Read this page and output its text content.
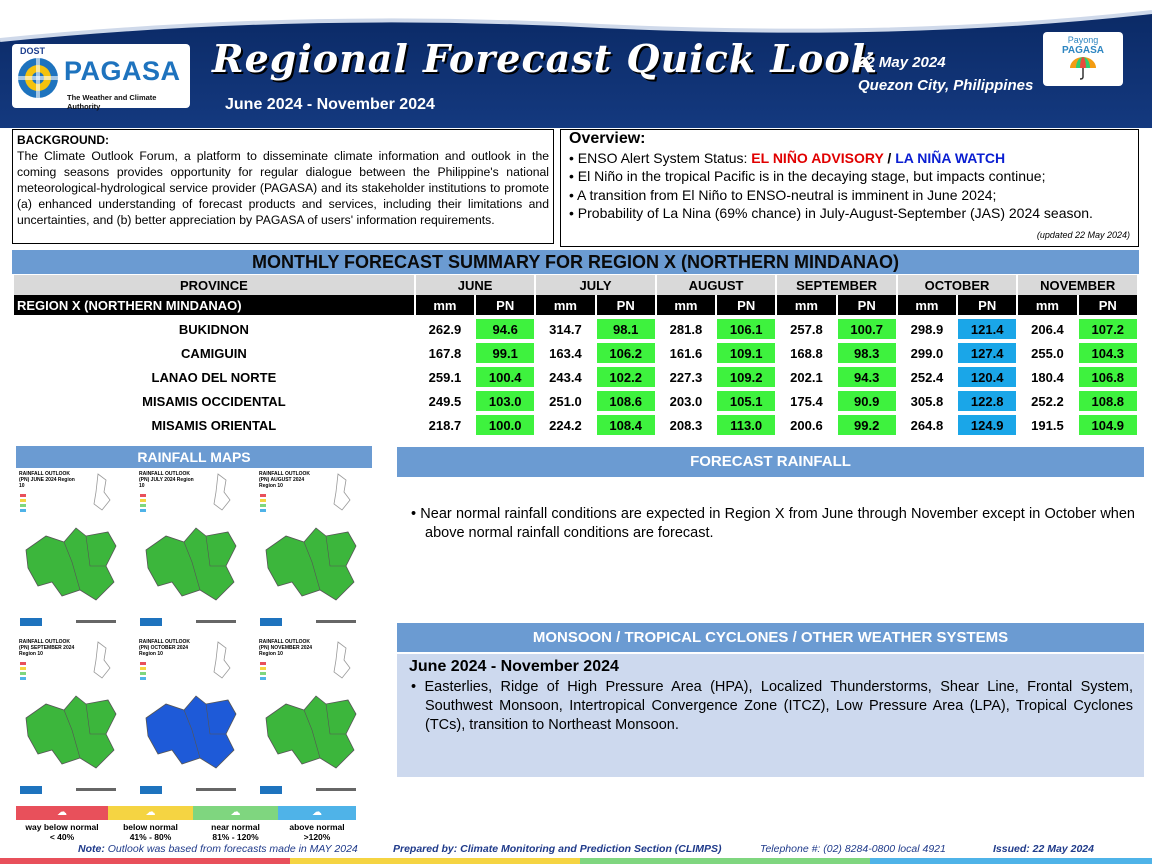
DOST
PAGASA
The Weather and Climate Authority
Regional Forecast Quick Look
June 2024 - November 2024
22 May 2024
Quezon City, Philippines
Payong
PAGASA
BACKGROUND:
The Climate Outlook Forum, a platform to disseminate climate information and outlook in the coming seasons provides opportunity for regular dialogue between the Philippine's national meteorological-hydrological service provider (PAGASA) and its stakeholder institutions to promote (a) enhanced understanding of forecast products and services, including their limitations and uncertainties, and (b) better appreciation by PAGASA of users' information requirements.
Overview:
• ENSO Alert System Status: EL NIÑO ADVISORY / LA NIÑA WATCH
• El Niño in the tropical Pacific is in the decaying stage, but impacts continue;
• A transition from El Niño to ENSO-neutral is imminent in June 2024;
• Probability of La Nina (69% chance) in July-August-September (JAS) 2024 season.
(updated 22 May 2024)
MONTHLY FORECAST SUMMARY FOR REGION X (NORTHERN MINDANAO)
PROVINCE	JUNE		JULY		AUGUST		SEPTEMBER		OCTOBER		NOVEMBER	
REGION X (NORTHERN MINDANAO)	mm	PN	mm	PN	mm	PN	mm	PN	mm	PN	mm	PN

BUKIDNON	262.9	94.6	314.7	98.1	281.8	106.1	257.8	100.7	298.9	121.4	206.4	107.2

CAMIGUIN	167.8	99.1	163.4	106.2	161.6	109.1	168.8	98.3	299.0	127.4	255.0	104.3

LANAO DEL NORTE	259.1	100.4	243.4	102.2	227.3	109.2	202.1	94.3	252.4	120.4	180.4	106.8

MISAMIS OCCIDENTAL	249.5	103.0	251.0	108.6	203.0	105.1	175.4	90.9	305.8	122.8	252.2	108.8

MISAMIS ORIENTAL	218.7	100.0	224.2	108.4	208.3	113.0	200.6	99.2	264.8	124.9	191.5	104.9
RAINFALL MAPS
RAINFALL OUTLOOK (PN) JUNE 2024 Region 10
RAINFALL OUTLOOK (PN) JULY 2024 Region 10
RAINFALL OUTLOOK (PN) AUGUST 2024 Region 10
RAINFALL OUTLOOK (PN) SEPTEMBER 2024 Region 10
RAINFALL OUTLOOK (PN) OCTOBER 2024 Region 10
RAINFALL OUTLOOK (PN) NOVEMBER 2024 Region 10
☁
way below normal
< 40%
☁
below normal
41% - 80%
☁
near normal
81% - 120%
☁
above normal
>120%
FORECAST RAINFALL
• Near normal rainfall conditions are expected in Region X from June through November except in October when above normal rainfall conditions are forecast.
MONSOON / TROPICAL CYCLONES / OTHER WEATHER SYSTEMS
June 2024 - November 2024
• Easterlies, Ridge of High Pressure Area (HPA), Localized Thunderstorms, Shear Line, Frontal System, Southwest Monsoon, Intertropical Convergence Zone (ITCZ), Low Pressure Area (LPA), Tropical Cyclones (TCs), transition to Northeast Monsoon.
Note: Outlook was based from forecasts made in MAY 2024	Prepared by: Climate Monitoring and Prediction Section (CLIMPS)	Telephone #: (02) 8284-0800 local 4921	Issued: 22 May 2024
